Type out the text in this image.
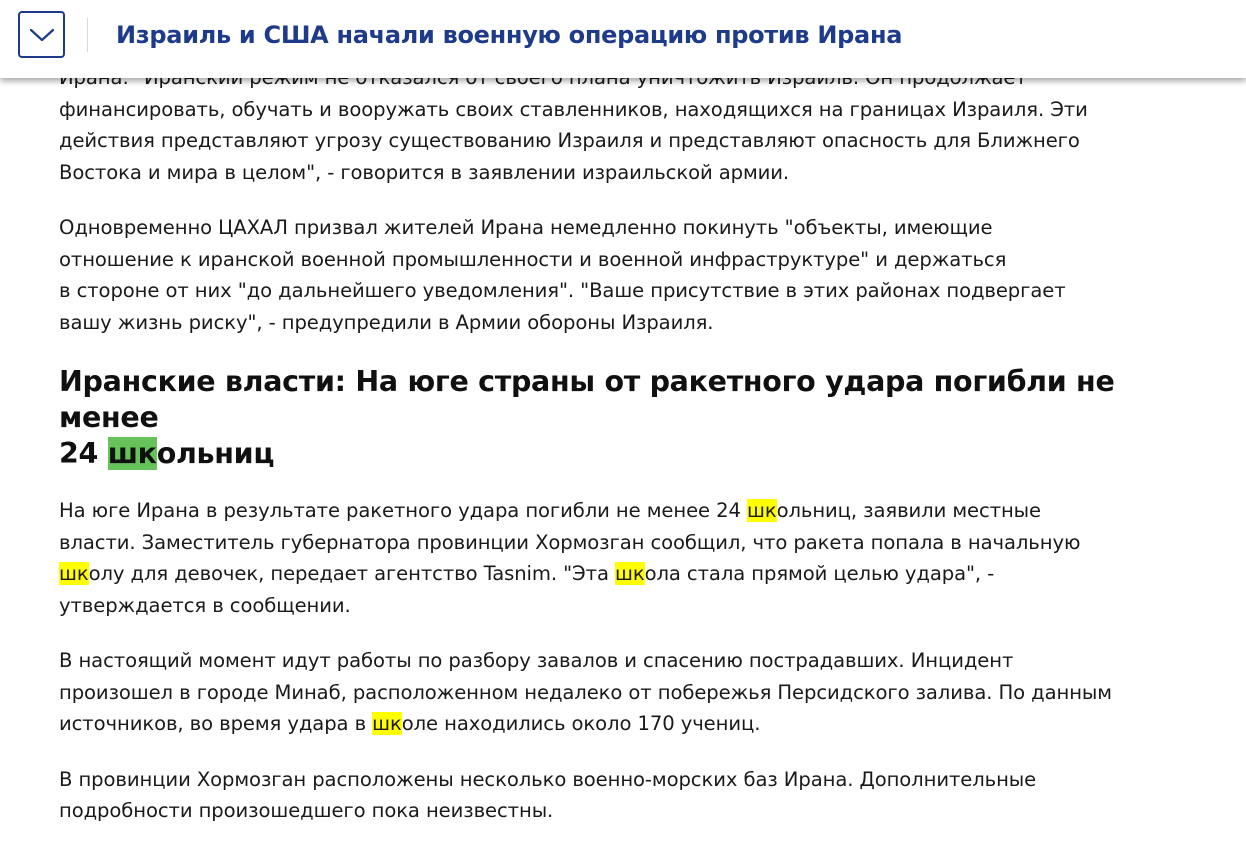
Израиль и США начали военную операцию против Ирана

финансировать, обучать и вооружать своих ставленников, находящихся на границах Израиля. Эти
действия представляют угрозу существованию Израиля и представляют опасность для Ближнего
Востока и мира в целом", - говорится в заявлении израильской армии.

Одновременно ЦАХАЛ призвал жителей Ирана немедленно покинуть "объекты, имеющие
отношение к иранской военной промышленности и военной инфраструктуре" и держаться
в стороне от них "до дальнейшего уведомления". "Ваше присутствие в этих районах подвергает
вашу жизнь риску", - предупредили в Армии обороны Израиля.

Иранские власти: На юге страны от ракетного удара погибли не менее
24 школьниц

На юге Ирана в результате ракетного удара погибли не менее 24 школьниц, заявили местные
власти. Заместитель губернатора провинции Хормозган сообщил, что ракета попала в начальную
школу для девочек, передает агентство Tasnim. "Эта школа стала прямой целью удара", -
утверждается в сообщении.

В настоящий момент идут работы по разбору завалов и спасению пострадавших. Инцидент
произошел в городе Минаб, расположенном недалеко от побережья Персидского залива. По данным
источников, во время удара в школе находились около 170 учениц.

В провинции Хормозган расположены несколько военно-морских баз Ирана. Дополнительные
подробности произошедшего пока неизвестны.
